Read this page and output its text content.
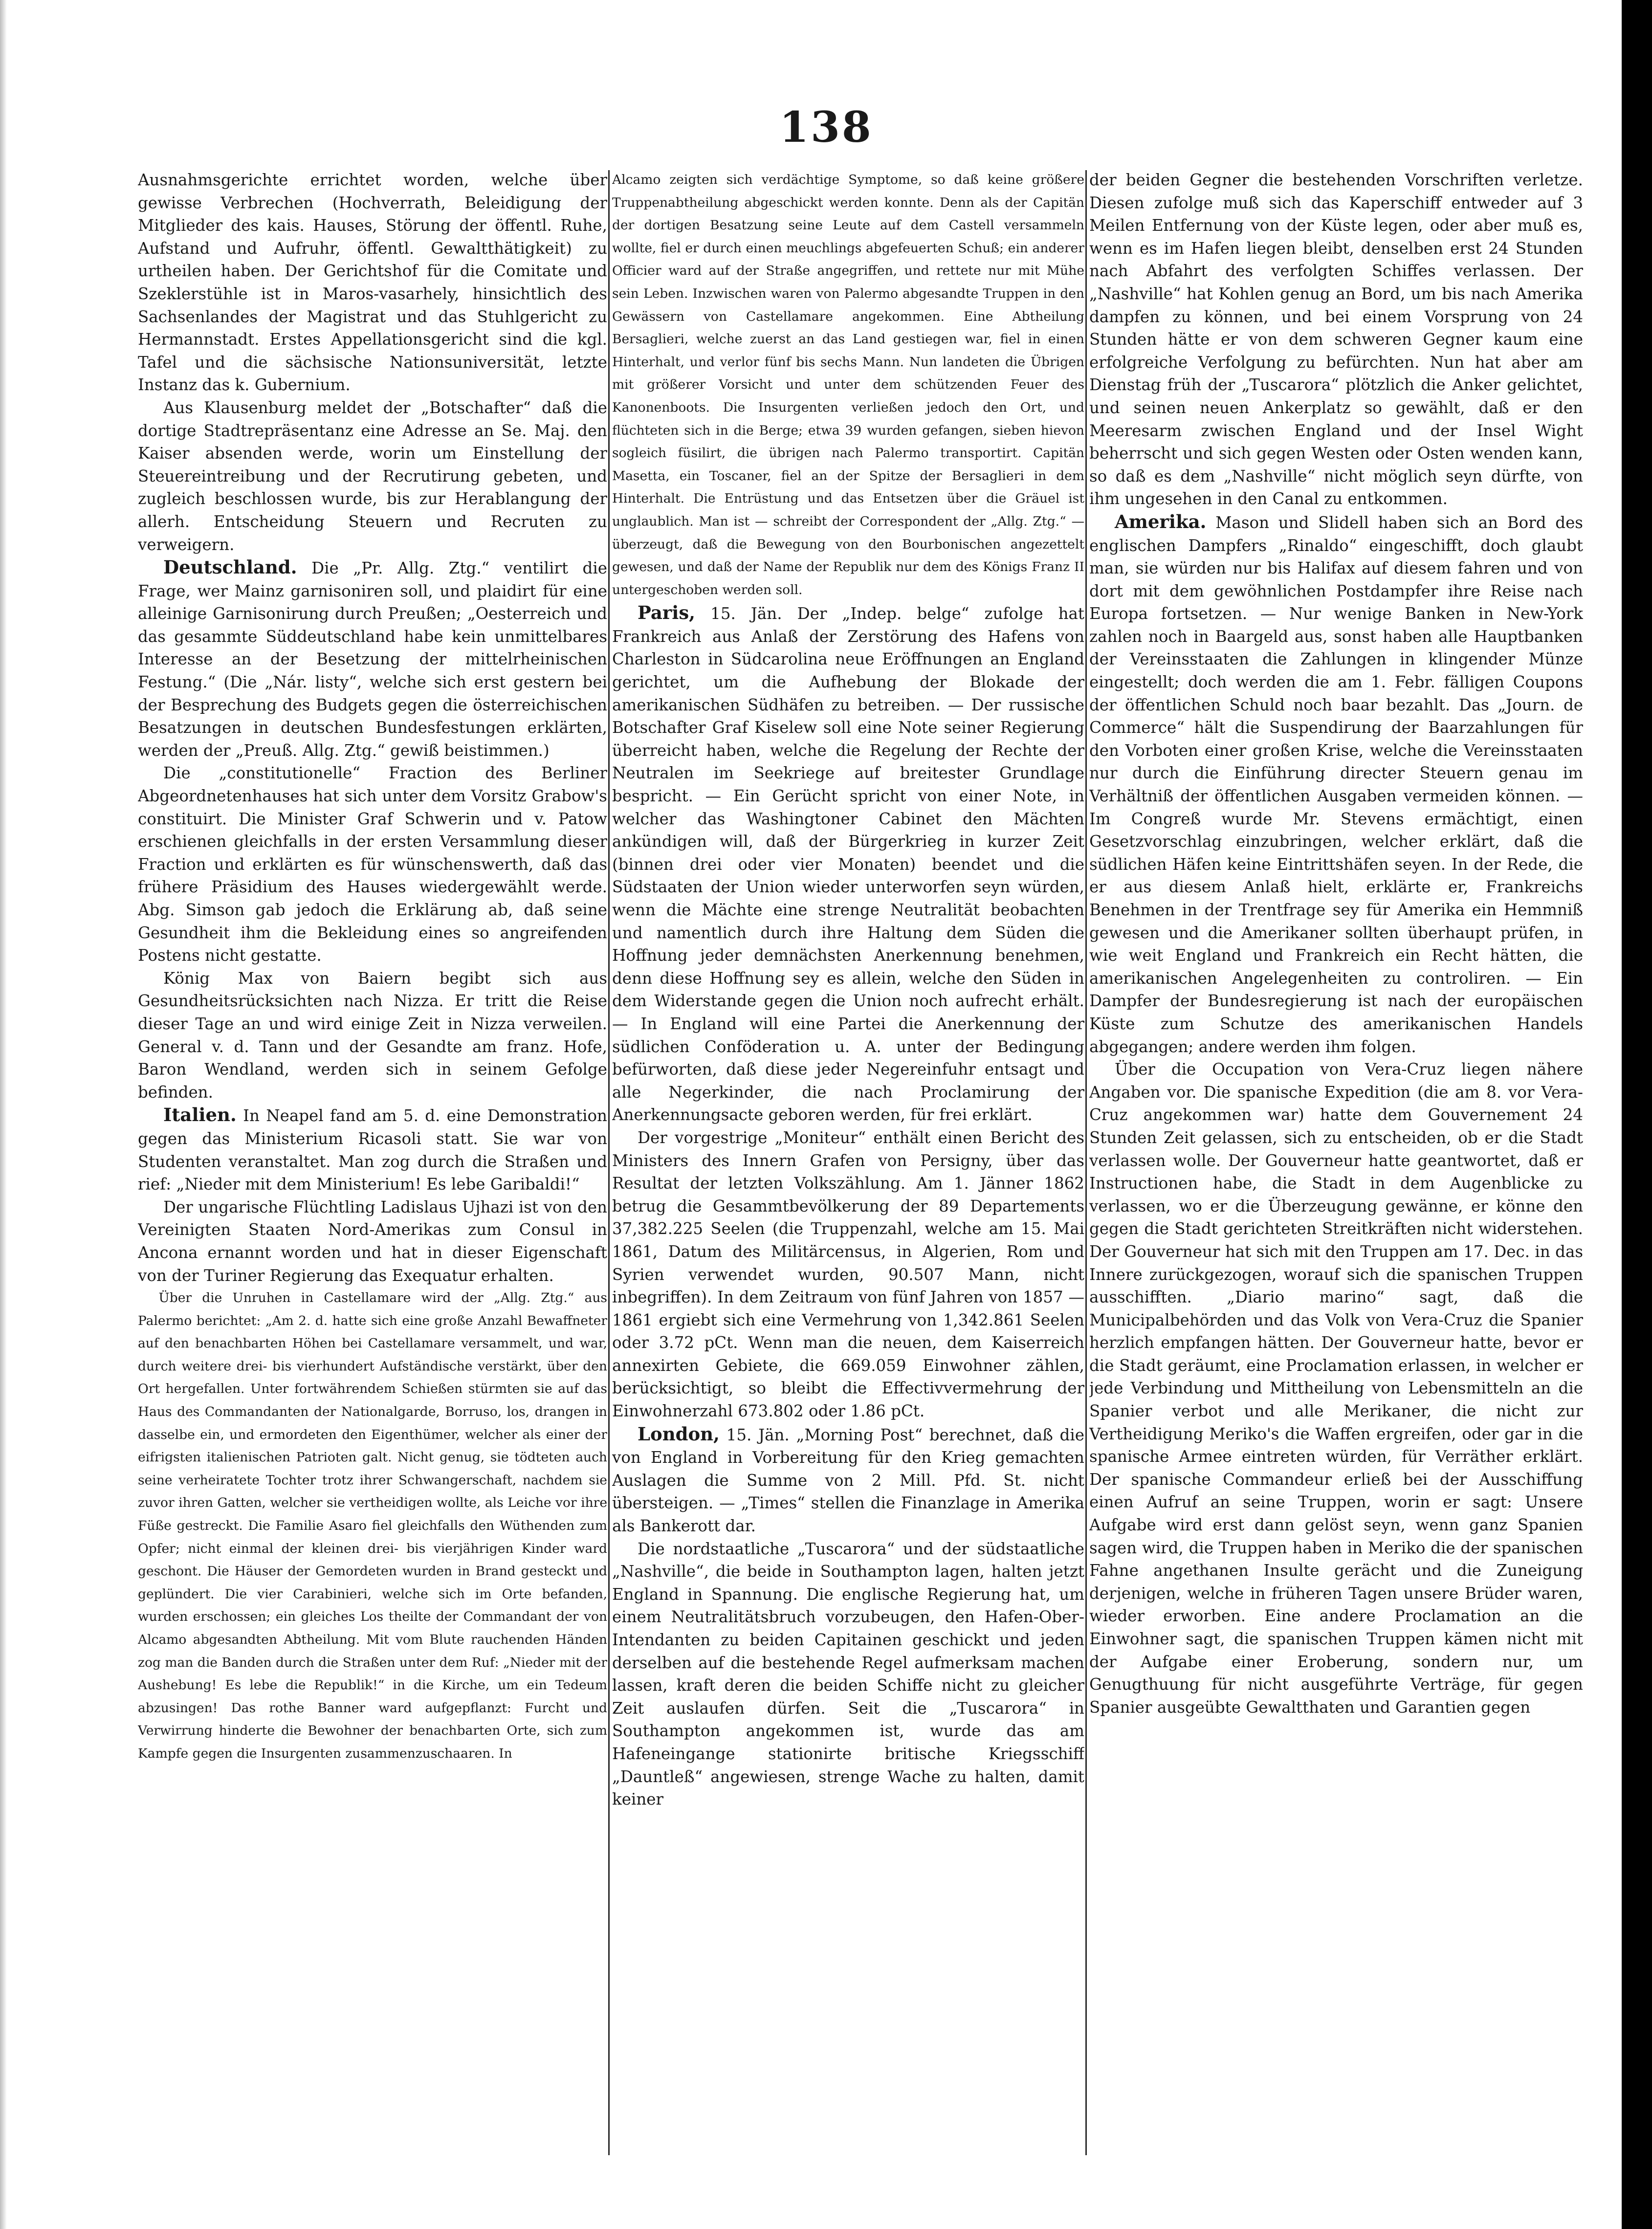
138

Ausnahmsgerichte errichtet worden, welche über gewisse Verbrechen (Hochverrath, Beleidigung der Mitglieder des kais. Hauses, Störung der öffentl. Ruhe, Aufstand und Aufruhr, öffentl. Gewaltthätigkeit) zu urtheilen haben. Der Gerichtshof für die Comitate und Szeklerstühle ist in Maros-vasarhely, hinsichtlich des Sachsenlandes der Magistrat und das Stuhlgericht zu Hermannstadt. Erstes Appellationsgericht sind die kgl. Tafel und die sächsische Nationsuniversität, letzte Instanz das k. Gubernium.

Aus Klausenburg meldet der „Botschafter“ daß die dortige Stadtrepräsentanz eine Adresse an Se. Maj. den Kaiser absenden werde, worin um Einstellung der Steuereintreibung und der Recrutirung gebeten, und zugleich beschlossen wurde, bis zur Herablangung der allerh. Entscheidung Steuern und Recruten zu verweigern.

Deutschland. Die „Pr. Allg. Ztg.“ ventilirt die Frage, wer Mainz garnisoniren soll, und plaidirt für eine alleinige Garnisonirung durch Preußen; „Oesterreich und das gesammte Süddeutschland habe kein unmittelbares Interesse an der Besetzung der mittelrheinischen Festung.“ (Die „Nár. listy“, welche sich erst gestern bei der Besprechung des Budgets gegen die österreichischen Besatzungen in deutschen Bundesfestungen erklärten, werden der „Preuß. Allg. Ztg.“ gewiß beistimmen.)

Die „constitutionelle“ Fraction des Berliner Abgeordnetenhauses hat sich unter dem Vorsitz Grabow's constituirt. Die Minister Graf Schwerin und v. Patow erschienen gleichfalls in der ersten Versammlung dieser Fraction und erklärten es für wünschenswerth, daß das frühere Präsidium des Hauses wiedergewählt werde. Abg. Simson gab jedoch die Erklärung ab, daß seine Gesundheit ihm die Bekleidung eines so angreifenden Postens nicht gestatte.

König Max von Baiern begibt sich aus Gesundheitsrücksichten nach Nizza. Er tritt die Reise dieser Tage an und wird einige Zeit in Nizza verweilen. General v. d. Tann und der Gesandte am franz. Hofe, Baron Wendland, werden sich in seinem Gefolge befinden.

Italien. In Neapel fand am 5. d. eine Demonstration gegen das Ministerium Ricasoli statt. Sie war von Studenten veranstaltet. Man zog durch die Straßen und rief: „Nieder mit dem Ministerium! Es lebe Garibaldi!“

Der ungarische Flüchtling Ladislaus Ujhazi ist von den Vereinigten Staaten Nord-Amerikas zum Consul in Ancona ernannt worden und hat in dieser Eigenschaft von der Turiner Regierung das Exequatur erhalten.

Über die Unruhen in Castellamare wird der „Allg. Ztg.“ aus Palermo berichtet: „Am 2. d. hatte sich eine große Anzahl Bewaffneter auf den benachbarten Höhen bei Castellamare versammelt, und war, durch weitere drei- bis vierhundert Aufständische verstärkt, über den Ort hergefallen. Unter fortwährendem Schießen stürmten sie auf das Haus des Commandanten der Nationalgarde, Borruso, los, drangen in dasselbe ein, und ermordeten den Eigenthümer, welcher als einer der eifrigsten italienischen Patrioten galt. Nicht genug, sie tödteten auch seine verheiratete Tochter trotz ihrer Schwangerschaft, nachdem sie zuvor ihren Gatten, welcher sie vertheidigen wollte, als Leiche vor ihre Füße gestreckt. Die Familie Asaro fiel gleichfalls den Wüthenden zum Opfer; nicht einmal der kleinen drei- bis vierjährigen Kinder ward geschont. Die Häuser der Gemordeten wurden in Brand gesteckt und geplündert. Die vier Carabinieri, welche sich im Orte befanden, wurden erschossen; ein gleiches Los theilte der Commandant der von Alcamo abgesandten Abtheilung. Mit vom Blute rauchenden Händen zog man die Banden durch die Straßen unter dem Ruf: „Nieder mit der Aushebung! Es lebe die Republik!“ in die Kirche, um ein Tedeum abzusingen! Das rothe Banner ward aufgepflanzt: Furcht und Verwirrung hinderte die Bewohner der benachbarten Orte, sich zum Kampfe gegen die Insurgenten zusammenzuschaaren. In

Alcamo zeigten sich verdächtige Symptome, so daß keine größere Truppenabtheilung abgeschickt werden konnte. Denn als der Capitän der dortigen Besatzung seine Leute auf dem Castell versammeln wollte, fiel er durch einen meuchlings abgefeuerten Schuß; ein anderer Officier ward auf der Straße angegriffen, und rettete nur mit Mühe sein Leben. Inzwischen waren von Palermo abgesandte Truppen in den Gewässern von Castellamare angekommen. Eine Abtheilung Bersaglieri, welche zuerst an das Land gestiegen war, fiel in einen Hinterhalt, und verlor fünf bis sechs Mann. Nun landeten die Übrigen mit größerer Vorsicht und unter dem schützenden Feuer des Kanonenboots. Die Insurgenten verließen jedoch den Ort, und flüchteten sich in die Berge; etwa 39 wurden gefangen, sieben hievon sogleich füsilirt, die übrigen nach Palermo transportirt. Capitän Masetta, ein Toscaner, fiel an der Spitze der Bersaglieri in dem Hinterhalt. Die Entrüstung und das Entsetzen über die Gräuel ist unglaublich. Man ist — schreibt der Correspondent der „Allg. Ztg.“ — überzeugt, daß die Bewegung von den Bourbonischen angezettelt gewesen, und daß der Name der Republik nur dem des Königs Franz II untergeschoben werden soll.

Paris, 15. Jän. Der „Indep. belge“ zufolge hat Frankreich aus Anlaß der Zerstörung des Hafens von Charleston in Südcarolina neue Eröffnungen an England gerichtet, um die Aufhebung der Blokade der amerikanischen Südhäfen zu betreiben. — Der russische Botschafter Graf Kiselew soll eine Note seiner Regierung überreicht haben, welche die Regelung der Rechte der Neutralen im Seekriege auf breitester Grundlage bespricht. — Ein Gerücht spricht von einer Note, in welcher das Washingtoner Cabinet den Mächten ankündigen will, daß der Bürgerkrieg in kurzer Zeit (binnen drei oder vier Monaten) beendet und die Südstaaten der Union wieder unterworfen seyn würden, wenn die Mächte eine strenge Neutralität beobachten und namentlich durch ihre Haltung dem Süden die Hoffnung jeder demnächsten Anerkennung benehmen, denn diese Hoffnung sey es allein, welche den Süden in dem Widerstande gegen die Union noch aufrecht erhält. — In England will eine Partei die Anerkennung der südlichen Conföderation u. A. unter der Bedingung befürworten, daß diese jeder Negereinfuhr entsagt und alle Negerkinder, die nach Proclamirung der Anerkennungsacte geboren werden, für frei erklärt.

Der vorgestrige „Moniteur“ enthält einen Bericht des Ministers des Innern Grafen von Persigny, über das Resultat der letzten Volkszählung. Am 1. Jänner 1862 betrug die Gesammtbevölkerung der 89 Departements 37,382.225 Seelen (die Truppenzahl, welche am 15. Mai 1861, Datum des Militärcensus, in Algerien, Rom und Syrien verwendet wurden, 90.507 Mann, nicht inbegriffen). In dem Zeitraum von fünf Jahren von 1857 — 1861 ergiebt sich eine Vermehrung von 1,342.861 Seelen oder 3.72 pCt. Wenn man die neuen, dem Kaiserreich annexirten Gebiete, die 669.059 Einwohner zählen, berücksichtigt, so bleibt die Effectivvermehrung der Einwohnerzahl 673.802 oder 1.86 pCt.

London, 15. Jän. „Morning Post“ berechnet, daß die von England in Vorbereitung für den Krieg gemachten Auslagen die Summe von 2 Mill. Pfd. St. nicht übersteigen. — „Times“ stellen die Finanzlage in Amerika als Bankerott dar.

Die nordstaatliche „Tuscarora“ und der südstaatliche „Nashville“, die beide in Southampton lagen, halten jetzt England in Spannung. Die englische Regierung hat, um einem Neutralitätsbruch vorzubeugen, den Hafen-Ober-Intendanten zu beiden Capitainen geschickt und jeden derselben auf die bestehende Regel aufmerksam machen lassen, kraft deren die beiden Schiffe nicht zu gleicher Zeit auslaufen dürfen. Seit die „Tuscarora“ in Southampton angekommen ist, wurde das am Hafeneingange stationirte britische Kriegsschiff „Dauntleß“ angewiesen, strenge Wache zu halten, damit keiner

der beiden Gegner die bestehenden Vorschriften verletze. Diesen zufolge muß sich das Kaperschiff entweder auf 3 Meilen Entfernung von der Küste legen, oder aber muß es, wenn es im Hafen liegen bleibt, denselben erst 24 Stunden nach Abfahrt des verfolgten Schiffes verlassen. Der „Nashville“ hat Kohlen genug an Bord, um bis nach Amerika dampfen zu können, und bei einem Vorsprung von 24 Stunden hätte er von dem schweren Gegner kaum eine erfolgreiche Verfolgung zu befürchten. Nun hat aber am Dienstag früh der „Tuscarora“ plötzlich die Anker gelichtet, und seinen neuen Ankerplatz so gewählt, daß er den Meeresarm zwischen England und der Insel Wight beherrscht und sich gegen Westen oder Osten wenden kann, so daß es dem „Nashville“ nicht möglich seyn dürfte, von ihm ungesehen in den Canal zu entkommen.

Amerika. Mason und Slidell haben sich an Bord des englischen Dampfers „Rinaldo“ eingeschifft, doch glaubt man, sie würden nur bis Halifax auf diesem fahren und von dort mit dem gewöhnlichen Postdampfer ihre Reise nach Europa fortsetzen. — Nur wenige Banken in New-York zahlen noch in Baargeld aus, sonst haben alle Hauptbanken der Vereinsstaaten die Zahlungen in klingender Münze eingestellt; doch werden die am 1. Febr. fälligen Coupons der öffentlichen Schuld noch baar bezahlt. Das „Journ. de Commerce“ hält die Suspendirung der Baarzahlungen für den Vorboten einer großen Krise, welche die Vereinsstaaten nur durch die Einführung directer Steuern genau im Verhältniß der öffentlichen Ausgaben vermeiden können. — Im Congreß wurde Mr. Stevens ermächtigt, einen Gesetzvorschlag einzubringen, welcher erklärt, daß die südlichen Häfen keine Eintrittshäfen seyen. In der Rede, die er aus diesem Anlaß hielt, erklärte er, Frankreichs Benehmen in der Trentfrage sey für Amerika ein Hemmniß gewesen und die Amerikaner sollten überhaupt prüfen, in wie weit England und Frankreich ein Recht hätten, die amerikanischen Angelegenheiten zu controliren. — Ein Dampfer der Bundesregierung ist nach der europäischen Küste zum Schutze des amerikanischen Handels abgegangen; andere werden ihm folgen.

Über die Occupation von Vera-Cruz liegen nähere Angaben vor. Die spanische Expedition (die am 8. vor Vera-Cruz angekommen war) hatte dem Gouvernement 24 Stunden Zeit gelassen, sich zu entscheiden, ob er die Stadt verlassen wolle. Der Gouverneur hatte geantwortet, daß er Instructionen habe, die Stadt in dem Augenblicke zu verlassen, wo er die Überzeugung gewänne, er könne den gegen die Stadt gerichteten Streitkräften nicht widerstehen. Der Gouverneur hat sich mit den Truppen am 17. Dec. in das Innere zurückgezogen, worauf sich die spanischen Truppen ausschifften. „Diario marino“ sagt, daß die Municipalbehörden und das Volk von Vera-Cruz die Spanier herzlich empfangen hätten. Der Gouverneur hatte, bevor er die Stadt geräumt, eine Proclamation erlassen, in welcher er jede Verbindung und Mittheilung von Lebensmitteln an die Spanier verbot und alle Merikaner, die nicht zur Vertheidigung Meriko's die Waffen ergreifen, oder gar in die spanische Armee eintreten würden, für Verräther erklärt. Der spanische Commandeur erließ bei der Ausschiffung einen Aufruf an seine Truppen, worin er sagt: Unsere Aufgabe wird erst dann gelöst seyn, wenn ganz Spanien sagen wird, die Truppen haben in Meriko die der spanischen Fahne angethanen Insulte gerächt und die Zuneigung derjenigen, welche in früheren Tagen unsere Brüder waren, wieder erworben. Eine andere Proclamation an die Einwohner sagt, die spanischen Truppen kämen nicht mit der Aufgabe einer Eroberung, sondern nur, um Genugthuung für nicht ausgeführte Verträge, für gegen Spanier ausgeübte Gewaltthaten und Garantien gegen
